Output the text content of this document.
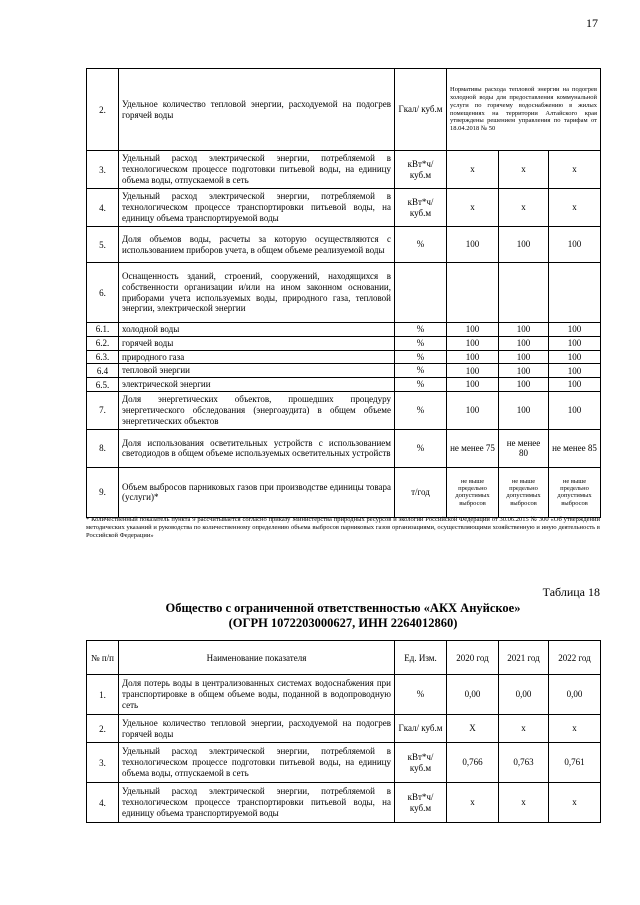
17
2.	Удельное количество тепловой энергии, расходуемой на подогрев горячей воды	Гкал/ куб.м	Нормативы расхода тепловой энергии на подогрев холодной воды для предоставления коммунальной услуги по горячему водоснабжению в жилых помещениях на территории Алтайского края утверждены решением управления по тарифам от 18.04.2018 № 50		
3.	Удельный расход электрической энергии, потребляемой в технологическом процессе подготовки питьевой воды, на единицу объема воды, отпускаемой в сеть	кВт*ч/ куб.м	х	х	х
4.	Удельный расход электрической энергии, потребляемой в технологическом процессе транспортировки питьевой воды, на единицу объема транспортируемой воды	кВт*ч/ куб.м	х	х	х
5.	Доля объемов воды, расчеты за которую осуществляются с использованием приборов учета, в общем объеме реализуемой воды	%	100	100	100
6.	Оснащенность зданий, строений, сооружений, находящихся в собственности организации и/или на ином законном основании, приборами учета используемых воды, природного газа, тепловой энергии, электрической энергии				
6.1.	холодной воды	%	100	100	100
6.2.	горячей воды	%	100	100	100
6.3.	природного газа	%	100	100	100
6.4	тепловой энергии	%	100	100	100
6.5.	электрической энергии	%	100	100	100
7.	Доля энергетических объектов, прошедших процедуру энергетического обследования (энергоаудита) в общем объеме энергетических объектов	%	100	100	100
8.	Доля использования осветительных устройств с использованием светодиодов в общем объеме используемых осветительных устройств	%	не менее 75	не менее 80	не менее 85
9.	Объем выбросов парниковых газов при производстве единицы товара (услуги)*	т/год	не выше предельно допустимых выбросов	не выше предельно допустимых выбросов	не выше предельно допустимых выбросов
* Количественный показатель пункта 9 рассчитывается согласно приказу Министерства природных ресурсов и экологии Российской Федерации от 30.06.2015 № 300 «Об утверждении методических указаний и руководства по количественному определению объема выбросов парниковых газов организациями, осуществляющими хозяйственную и иную деятельность в Российской Федерации»
Таблица 18
Общество с ограниченной ответственностью «АКХ Ануйское»
(ОГРН 1072203000627, ИНН 2264012860)
№ п/п	Наименование показателя	Ед. Изм.	2020 год	2021 год	2022 год
1.	Доля потерь воды в централизованных системах водоснабжения при транспортировке в общем объеме воды, поданной в водопроводную сеть	%	0,00	0,00	0,00
2.	Удельное количество тепловой энергии, расходуемой на подогрев горячей воды	Гкал/ куб.м	Х	х	х
3.	Удельный расход электрической энергии, потребляемой в технологическом процессе подготовки питьевой воды, на единицу объема воды, отпускаемой в сеть	кВт*ч/ куб.м	0,766	0,763	0,761
4.	Удельный расход электрической энергии, потребляемой в технологическом процессе транспортировки питьевой воды, на единицу объема транспортируемой воды	кВт*ч/ куб.м	х	х	х
